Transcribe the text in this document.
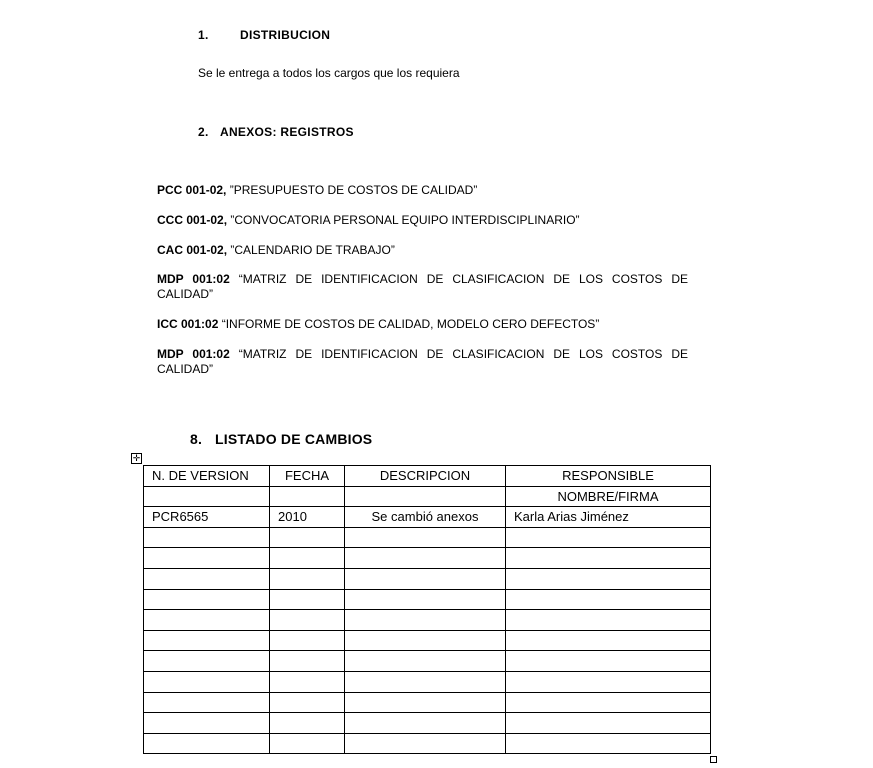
1.	DISTRIBUCION
Se le entrega a todos los cargos que los requiera
2. ANEXOS: REGISTROS
PCC 001-02, ”PRESUPUESTO DE COSTOS DE CALIDAD”
CCC 001-02, ”CONVOCATORIA PERSONAL EQUIPO INTERDISCIPLINARIO”
CAC 001-02, ”CALENDARIO DE TRABAJO”
MDP 001:02 “MATRIZ DE IDENTIFICACION DE CLASIFICACION DE LOS COSTOS DE CALIDAD”
ICC 001:02 “INFORME DE COSTOS DE CALIDAD, MODELO CERO DEFECTOS”
MDP 001:02 “MATRIZ DE IDENTIFICACION DE CLASIFICACION DE LOS COSTOS DE CALIDAD”
8. LISTADO DE CAMBIOS
✛
N. DE VERSION	FECHA	DESCRIPCION	RESPONSIBLE
			NOMBRE/FIRMA
PCR6565	2010	Se cambió anexos	Karla Arias Jiménez
